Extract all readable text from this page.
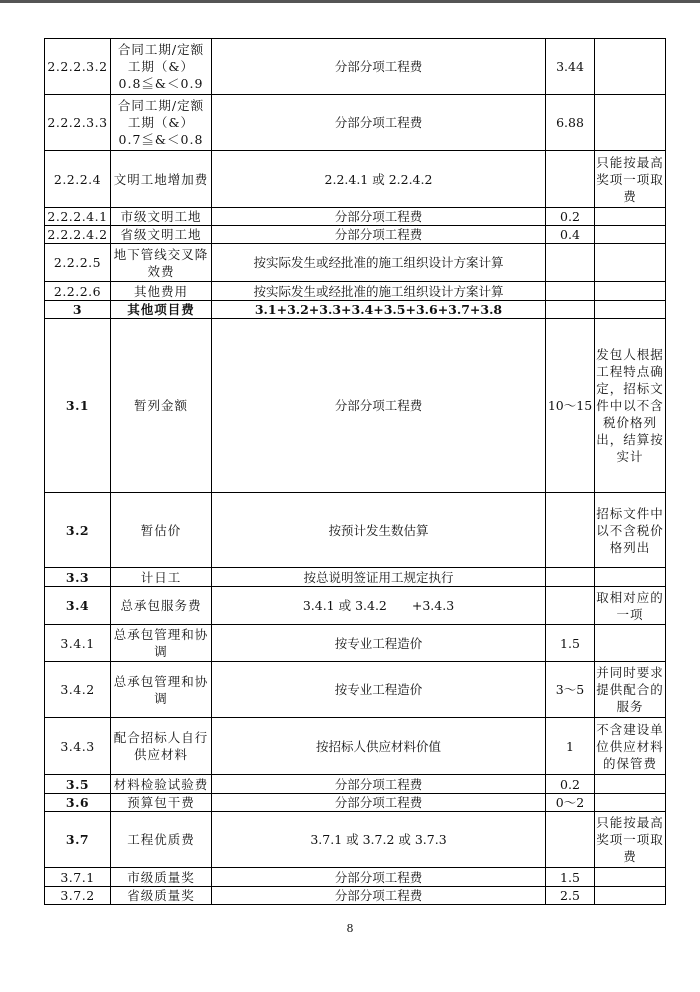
2.2.2.3.2	合同工期/定额工期（&）0.8≦&＜0.9	分部分项工程费	3.44	
2.2.2.3.3	合同工期/定额工期（&）0.7≦&＜0.8	分部分项工程费	6.88	
2.2.2.4	文明工地增加费	2.2.4.1 或 2.2.4.2		只能按最高奖项一项取费
2.2.2.4.1	市级文明工地	分部分项工程费	0.2	
2.2.2.4.2	省级文明工地	分部分项工程费	0.4	
2.2.2.5	地下管线交叉降效费	按实际发生或经批准的施工组织设计方案计算		
2.2.2.6	其他费用	按实际发生或经批准的施工组织设计方案计算		
3	其他项目费	3.1+3.2+3.3+3.4+3.5+3.6+3.7+3.8		
3.1	暂列金额	分部分项工程费	10～15	发包人根据工程特点确定，招标文件中以不含税价格列出，结算按实计
3.2	暂估价	按预计发生数估算		招标文件中以不含税价格列出
3.3	计日工	按总说明签证用工规定执行		
3.4	总承包服务费	3.4.1 或 3.4.2　　+3.4.3		取相对应的一项
3.4.1	总承包管理和协调	按专业工程造价	1.5	
3.4.2	总承包管理和协调	按专业工程造价	3～5	并同时要求提供配合的服务
3.4.3	配合招标人自行供应材料	按招标人供应材料价值	1	不含建设单位供应材料的保管费
3.5	材料检验试验费	分部分项工程费	0.2	
3.6	预算包干费	分部分项工程费	0～2	
3.7	工程优质费	3.7.1 或 3.7.2 或 3.7.3		只能按最高奖项一项取费
3.7.1	市级质量奖	分部分项工程费	1.5	
3.7.2	省级质量奖	分部分项工程费	2.5	
8
